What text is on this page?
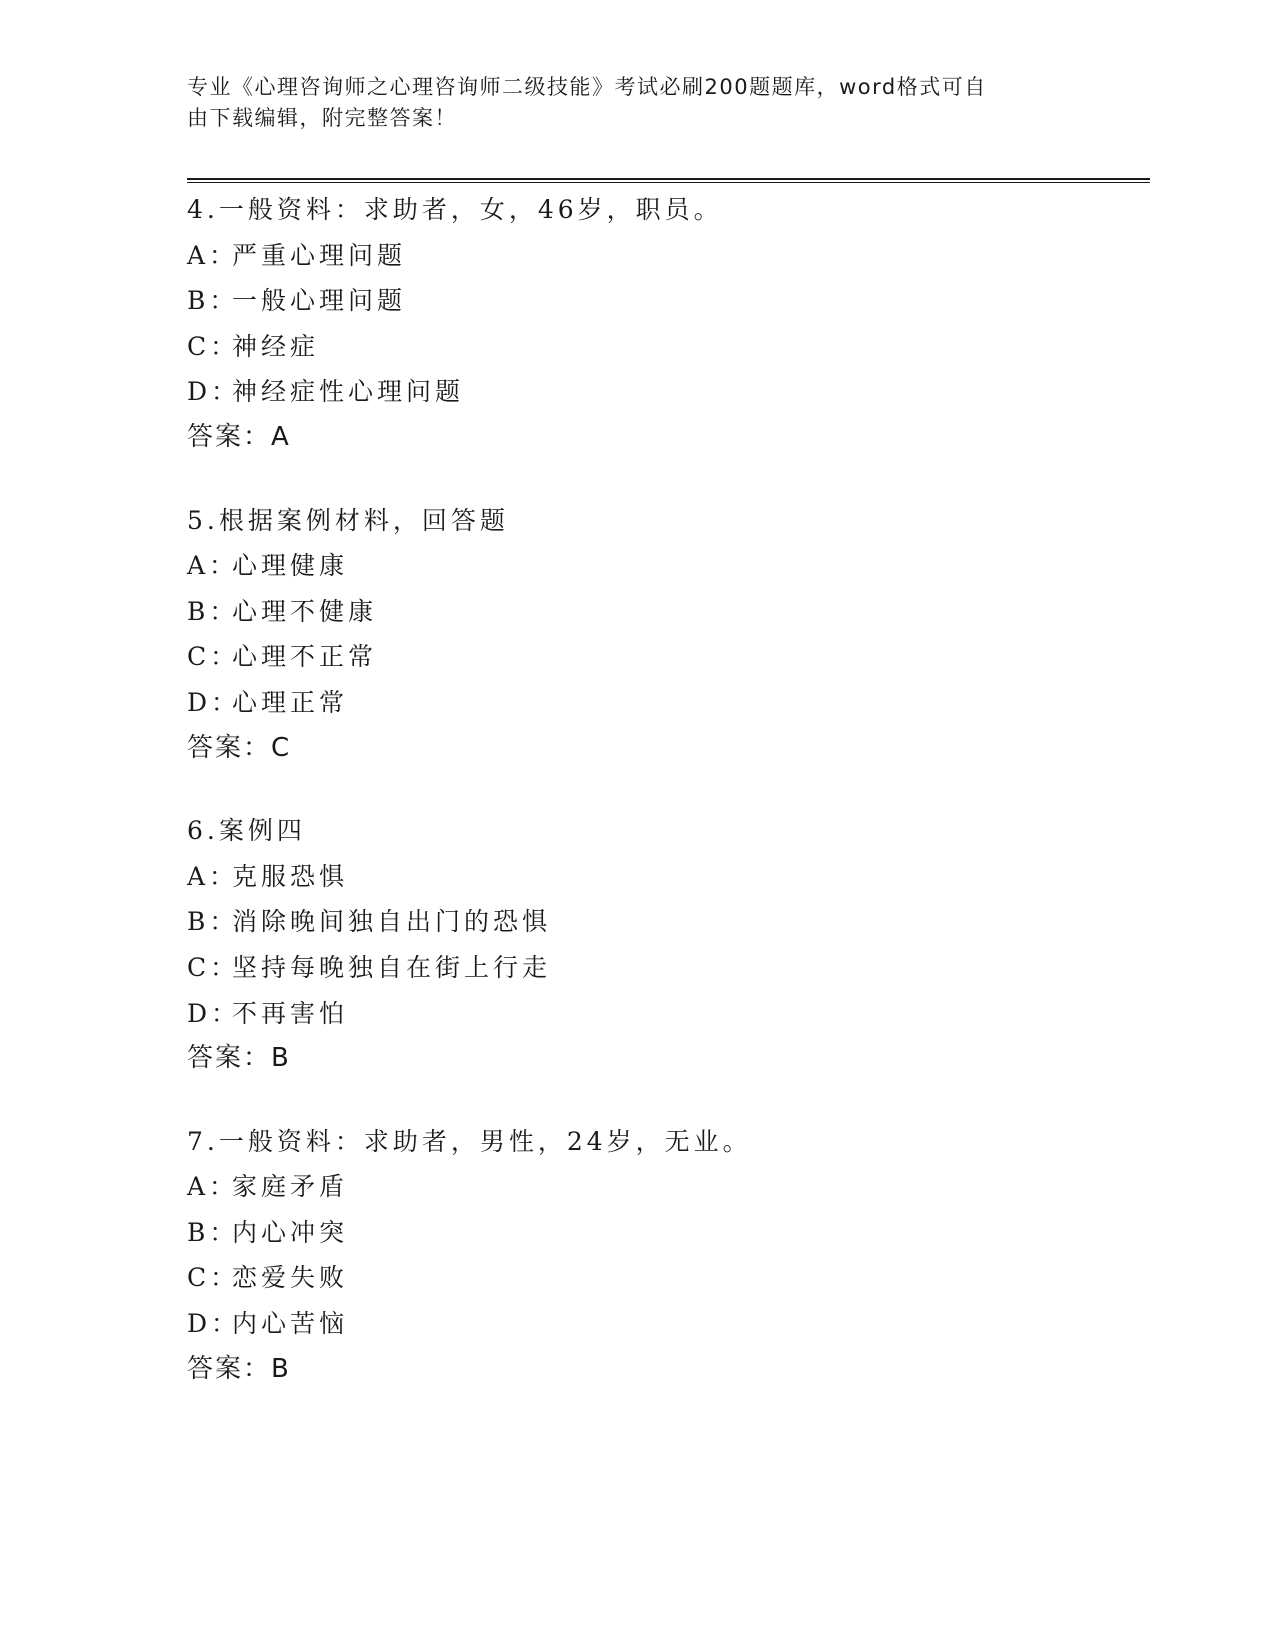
专业《心理咨询师之心理咨询师二级技能》考试必刷200题题库，word格式可自
由下载编辑，附完整答案！
4.一般资料：求助者，女，46岁，职员。
A：严重心理问题
B：一般心理问题
C：神经症
D：神经症性心理问题
答案：A
5.根据案例材料，回答题
A：心理健康
B：心理不健康
C：心理不正常
D：心理正常
答案：C
6.案例四
A：克服恐惧
B：消除晚间独自出门的恐惧
C：坚持每晚独自在街上行走
D：不再害怕
答案：B
7.一般资料：求助者，男性，24岁，无业。
A：家庭矛盾
B：内心冲突
C：恋爱失败
D：内心苦恼
答案：B
